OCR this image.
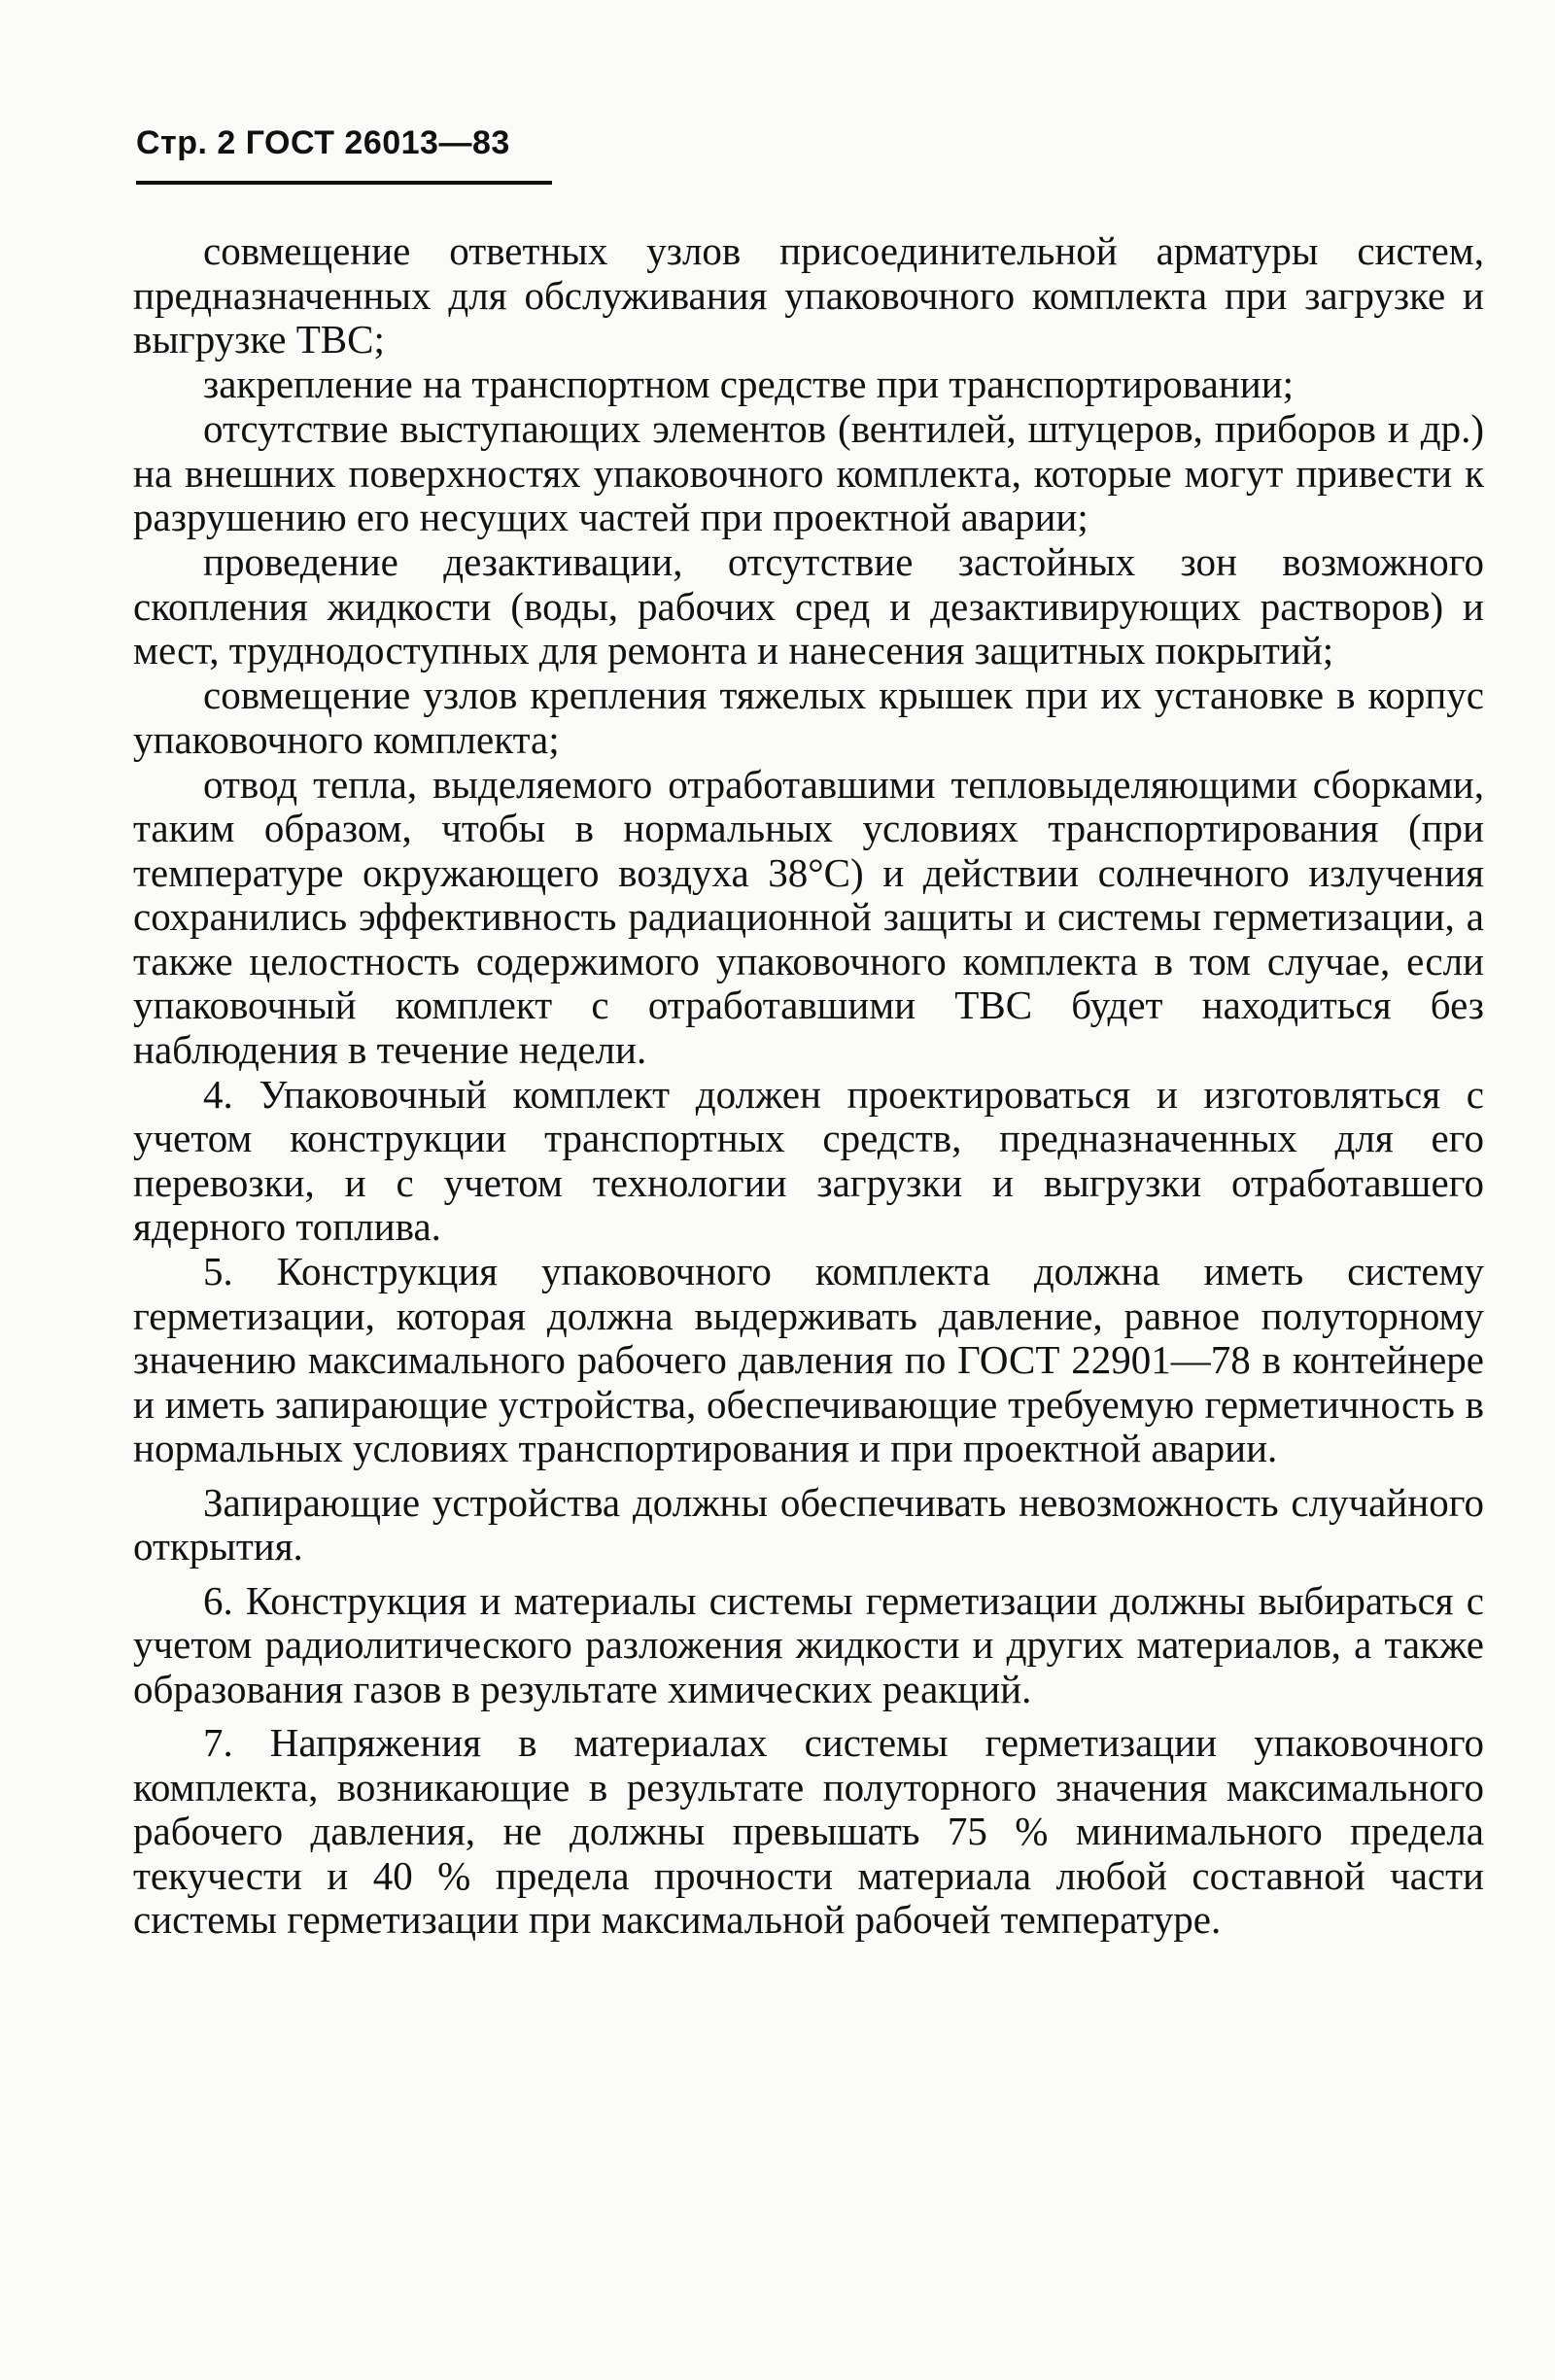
Стр. 2 ГОСТ 26013—83

совмещение ответных узлов присоединительной арматуры систем, предназначенных для обслуживания упаковочного комплекта при загрузке и выгрузке ТВС;

закрепление на транспортном средстве при транспортировании;

отсутствие выступающих элементов (вентилей, штуцеров, приборов и др.) на внешних поверхностях упаковочного комплекта, которые могут привести к разрушению его несущих частей при проектной аварии;

проведение дезактивации, отсутствие застойных зон возможного скопления жидкости (воды, рабочих сред и дезактивирующих растворов) и мест, труднодоступных для ремонта и нанесения защитных покрытий;

совмещение узлов крепления тяжелых крышек при их установке в корпус упаковочного комплекта;

отвод тепла, выделяемого отработавшими тепловыделяющими сборками, таким образом, чтобы в нормальных условиях транспортирования (при температуре окружающего воздуха 38°С) и действии солнечного излучения сохранились эффективность радиационной защиты и системы герметизации, а также целостность содержимого упаковочного комплекта в том случае, если упаковочный комплект с отработавшими ТВС будет находиться без наблюдения в течение недели.

4. Упаковочный комплект должен проектироваться и изготовляться с учетом конструкции транспортных средств, предназначенных для его перевозки, и с учетом технологии загрузки и выгрузки отработавшего ядерного топлива.

5. Конструкция упаковочного комплекта должна иметь систему герметизации, которая должна выдерживать давление, равное полуторному значению максимального рабочего давления по ГОСТ 22901—78 в контейнере и иметь запирающие устройства, обеспечивающие требуемую герметичность в нормальных условиях транспортирования и при проектной аварии.

Запирающие устройства должны обеспечивать невозможность случайного открытия.

6. Конструкция и материалы системы герметизации должны выбираться с учетом радиолитического разложения жидкости и других материалов, а также образования газов в результате химических реакций.

7. Напряжения в материалах системы герметизации упаковочного комплекта, возникающие в результате полуторного значения максимального рабочего давления, не должны превышать 75 % минимального предела текучести и 40 % предела прочности материала любой составной части системы герметизации при максимальной рабочей температуре.
